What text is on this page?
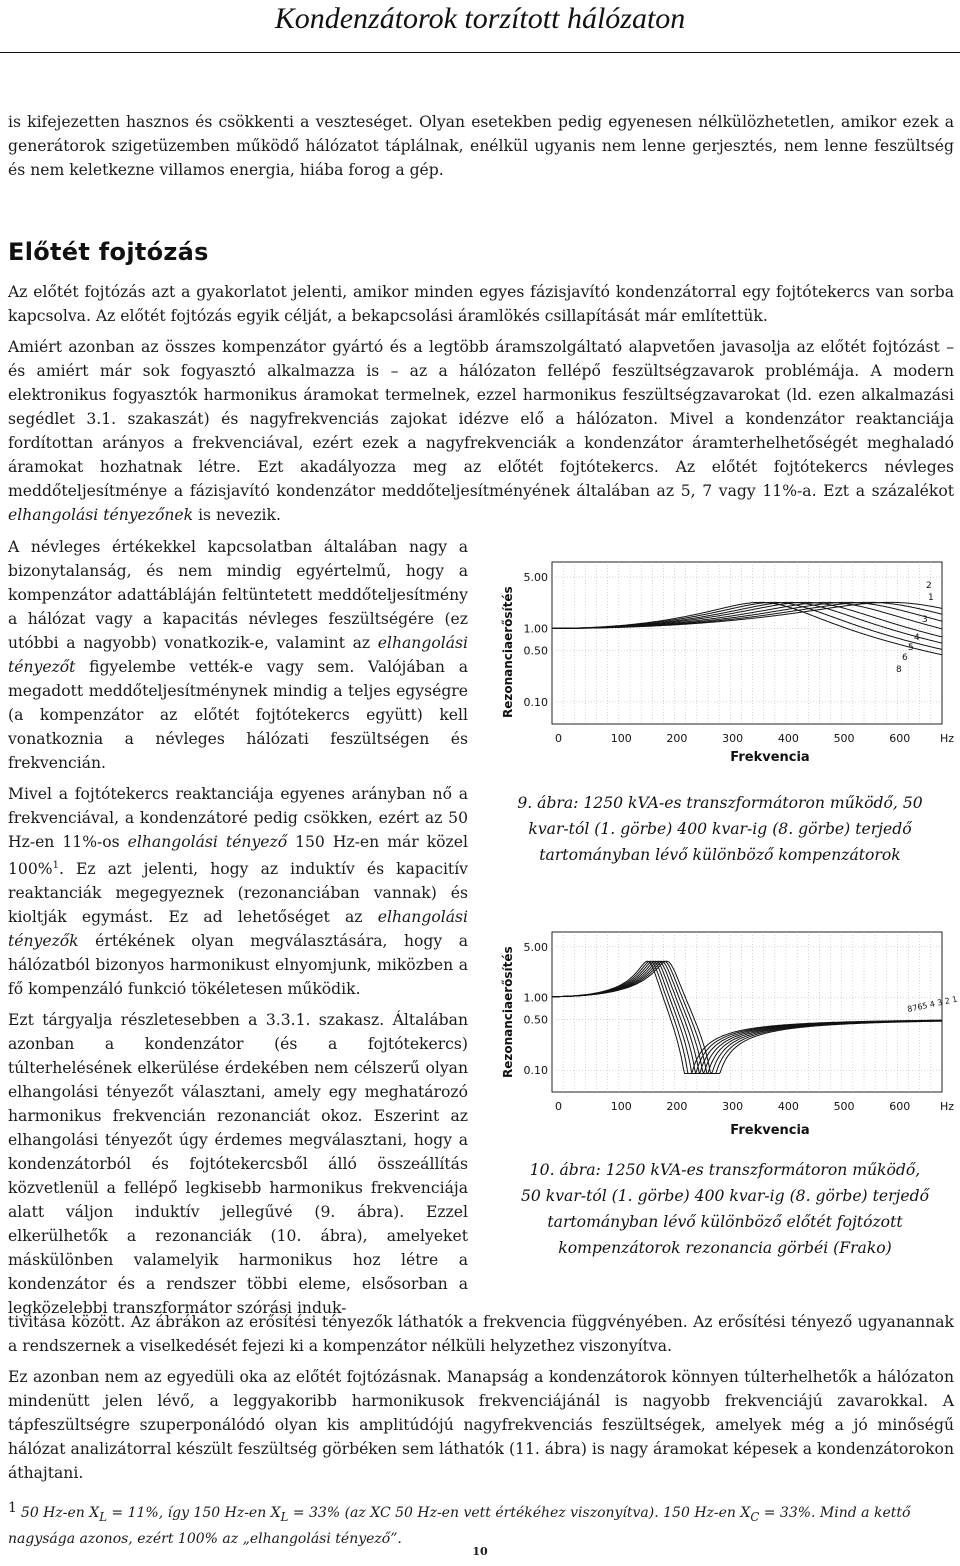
Kondenzátorok torzított hálózaton

is kifejezetten hasznos és csökkenti a veszteséget. Olyan esetekben pedig egyenesen nélkülözhetetlen, amikor ezek a generátorok szigetüzemben működő hálózatot táplálnak, enélkül ugyanis nem lenne gerjesztés, nem lenne feszültség és nem keletkezne villamos energia, hiába forog a gép.

Előtét fojtózás

Az előtét fojtózás azt a gyakorlatot jelenti, amikor minden egyes fázisjavító kondenzátorral egy fojtótekercs van sorba kapcsolva. Az előtét fojtózás egyik célját, a bekapcsolási áramlökés csillapítását már említettük.

Amiért azonban az összes kompenzátor gyártó és a legtöbb áramszolgáltató alapvetően javasolja az előtét fojtózást – és amiért már sok fogyasztó alkalmazza is – az a hálózaton fellépő feszültségzavarok problémája. A modern elektronikus fogyasztók harmonikus áramokat termelnek, ezzel harmonikus feszültségzavarokat (ld. ezen alkalmazási segédlet 3.1. szakaszát) és nagyfrekvenciás zajokat idézve elő a hálózaton. Mivel a kondenzátor reaktanciája fordítottan arányos a frekvenciával, ezért ezek a nagyfrekvenciák a kondenzátor áramterhelhetőségét meghaladó áramokat hozhatnak létre. Ezt akadályozza meg az előtét fojtótekercs. Az előtét fojtótekercs névleges meddőteljesítménye a fázisjavító kondenzátor meddőteljesítményének általában az 5, 7 vagy 11%-a. Ezt a százalékot elhangolási tényezőnek is nevezik.

A névleges értékekkel kapcsolatban általában nagy a bizonytalanság, és nem mindig egyértelmű, hogy a kompenzátor adattábláján feltüntetett meddőteljesítmény a hálózat vagy a kapacitás névleges feszültségére (ez utóbbi a nagyobb) vonatkozik-e, valamint az elhangolási tényezőt figyelembe vették-e vagy sem. Valójában a megadott meddőteljesítménynek mindig a teljes egységre (a kompenzátor az előtét fojtótekercs együtt) kell vonatkoznia a névleges hálózati feszültségen és frekvencián.

Mivel a fojtótekercs reaktanciája egyenes arányban nő a frekvenciával, a kondenzátoré pedig csökken, ezért az 50 Hz-en 11%-os elhangolási tényező 150 Hz-en már közel 100%$^1$. Ez azt jelenti, hogy az induktív és kapacitív reaktanciák megegyeznek (rezonanciában vannak) és kioltják egymást. Ez ad lehetőséget az elhangolási tényezők értékének olyan megválasztására, hogy a hálózatból bizonyos harmonikust elnyomjunk, miközben a fő kompenzáló funkció tökéletesen működik.

Ezt tárgyalja részletesebben a 3.3.1. szakasz. Általában azonban a kondenzátor (és a fojtótekercs) túlterhelésének elkerülése érdekében nem célszerű olyan elhangolási tényezőt választani, amely egy meghatározó harmonikus frekvencián rezonanciát okoz. Eszerint az elhangolási tényezőt úgy érdemes megválasztani, hogy a kondenzátorból és fojtótekercsből álló összeállítás közvetlenül a fellépő legkisebb harmonikus frekvenciája alatt váljon induktív jellegűvé (9. ábra). Ezzel elkerülhetők a rezonanciák (10. ábra), amelyeket máskülönben valamelyik harmonikus hoz létre a kondenzátor és a rendszer többi eleme, elsősorban a legközelebbi transzformátor szórási induk-

tivitása között. Az ábrákon az erősítési tényezők láthatók a frekvencia függvényében. Az erősítési tényező ugyanannak a rendszernek a viselkedését fejezi ki a kompenzátor nélküli helyzethez viszonyítva.

Ez azonban nem az egyedüli oka az előtét fojtózásnak. Manapság a kondenzátorok könnyen túlterhelhetők a hálózaton mindenütt jelen lévő, a leggyakoribb harmonikusok frekvenciájánál is nagyobb frekvenciájú zavarokkal. A tápfeszültségre szuperponálódó olyan kis amplitúdójú nagyfrekvenciás feszültségek, amelyek még a jó minőségű hálózat analizátorral készült feszültség görbéken sem láthatók (11. ábra) is nagy áramokat képesek a kondenzátorokon áthajtani.

Rezonanciaerősítés
5.00
1.00
0.50
0.10
0	100	200	300	400	500	600	Hz
2
1
3
4
5
6
8
Frekvencia
9. ábra: 1250 kVA-es transzformátoron működő, 50
kvar-tól (1. görbe) 400 kvar-ig (8. görbe) terjedő
tartományban lévő különböző kompenzátorok
Rezonanciaerősítés 5.00
1.00
0.50
0.10
0	100	200	300	400	500	600	Hz
8765 4 3 2 1
Frekvencia
10. ábra: 1250 kVA-es transzformátoron működő,
50 kvar-tól (1. görbe) 400 kvar-ig (8. görbe) terjedő
tartományban lévő különböző előtét fojtózott
kompenzátorok rezonancia görbéi (Frako)
1 50 Hz-en $X_L = 11\%$, így 150 Hz-en $X_L = 33\%$ (az XC 50 Hz-en vett értékéhez viszonyítva). 150 Hz-en $X_C = 33\%$. Mind a kettő
nagysága azonos, ezért 100% az „elhangolási tényező”.
10
